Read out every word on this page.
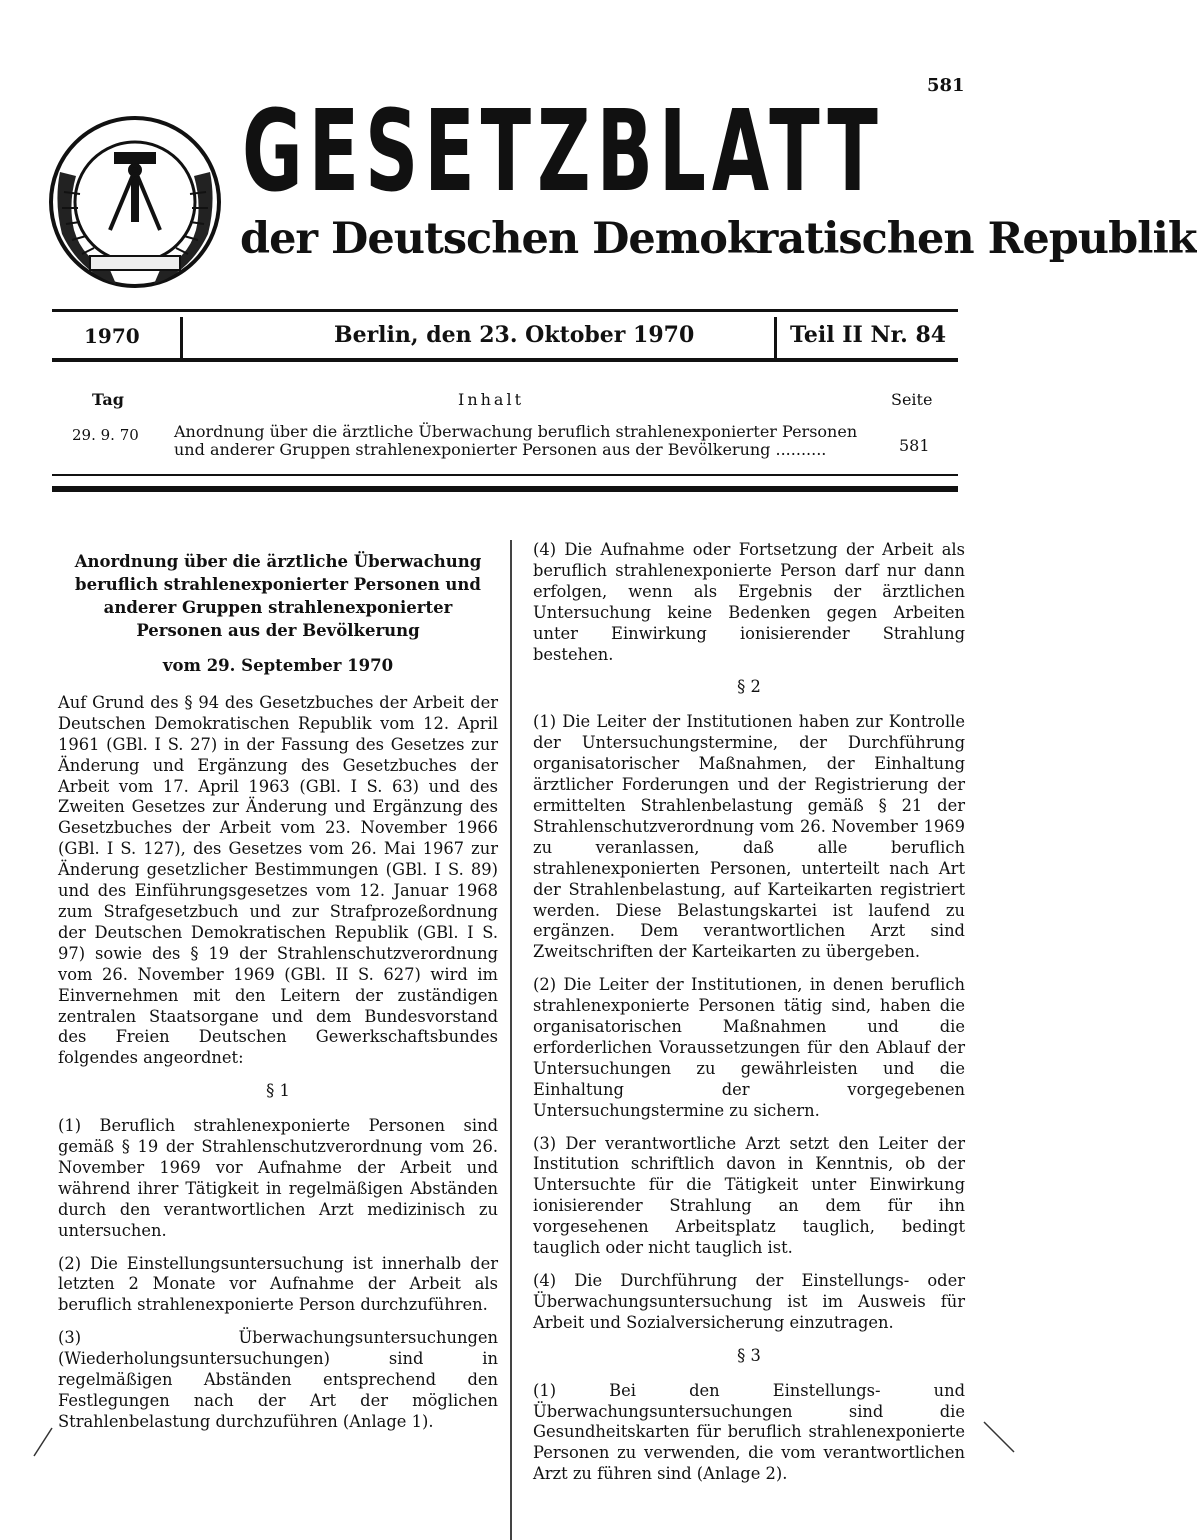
581
GESETZBLATT
der Deutschen Demokratischen Republik
1970	Berlin, den 23. Oktober 1970	Teil II Nr. 84
Tag	Inhalt	Seite
29. 9. 70 Anordnung über die ärztliche Überwachung beruflich strahlenexponierter Personen
und anderer Gruppen strahlenexponierter Personen aus der Bevölkerung ..........	581
Anordnung über die ärztliche Überwachung beruflich strahlenexponierter Personen und anderer Gruppen strahlenexponierter Personen aus der Bevölkerung
vom 29. September 1970

Auf Grund des § 94 des Gesetzbuches der Arbeit der Deutschen Demokratischen Republik vom 12. April 1961 (GBl. I S. 27) in der Fassung des Gesetzes zur Änderung und Ergänzung des Gesetzbuches der Arbeit vom 17. April 1963 (GBl. I S. 63) und des Zweiten Gesetzes zur Änderung und Ergänzung des Gesetzbuches der Arbeit vom 23. November 1966 (GBl. I S. 127), des Gesetzes vom 26. Mai 1967 zur Änderung gesetzlicher Bestimmungen (GBl. I S. 89) und des Einführungsgesetzes vom 12. Januar 1968 zum Strafgesetzbuch und zur Strafprozeßordnung der Deutschen Demokratischen Republik (GBl. I S. 97) sowie des § 19 der Strahlenschutzverordnung vom 26. November 1969 (GBl. II S. 627) wird im Einvernehmen mit den Leitern der zuständigen zentralen Staatsorgane und dem Bundesvorstand des Freien Deutschen Gewerkschaftsbundes folgendes angeordnet:

§ 1

(1) Beruflich strahlenexponierte Personen sind gemäß § 19 der Strahlenschutzverordnung vom 26. November 1969 vor Aufnahme der Arbeit und während ihrer Tätigkeit in regelmäßigen Abständen durch den verantwortlichen Arzt medizinisch zu untersuchen.

(2) Die Einstellungsuntersuchung ist innerhalb der letzten 2 Monate vor Aufnahme der Arbeit als beruflich strahlenexponierte Person durchzuführen.

(3) Überwachungsuntersuchungen (Wiederholungsuntersuchungen) sind in regelmäßigen Abständen entsprechend den Festlegungen nach der Art der möglichen Strahlenbelastung durchzuführen (Anlage 1).

(4) Die Aufnahme oder Fortsetzung der Arbeit als beruflich strahlenexponierte Person darf nur dann erfolgen, wenn als Ergebnis der ärztlichen Untersuchung keine Bedenken gegen Arbeiten unter Einwirkung ionisierender Strahlung bestehen.

§ 2

(1) Die Leiter der Institutionen haben zur Kontrolle der Untersuchungstermine, der Durchführung organisatorischer Maßnahmen, der Einhaltung ärztlicher Forderungen und der Registrierung der ermittelten Strahlenbelastung gemäß § 21 der Strahlenschutzverordnung vom 26. November 1969 zu veranlassen, daß alle beruflich strahlenexponierten Personen, unterteilt nach Art der Strahlenbelastung, auf Karteikarten registriert werden. Diese Belastungskartei ist laufend zu ergänzen. Dem verantwortlichen Arzt sind Zweitschriften der Karteikarten zu übergeben.

(2) Die Leiter der Institutionen, in denen beruflich strahlenexponierte Personen tätig sind, haben die organisatorischen Maßnahmen und die erforderlichen Voraussetzungen für den Ablauf der Untersuchungen zu gewährleisten und die Einhaltung der vorgegebenen Untersuchungstermine zu sichern.

(3) Der verantwortliche Arzt setzt den Leiter der Institution schriftlich davon in Kenntnis, ob der Untersuchte für die Tätigkeit unter Einwirkung ionisierender Strahlung an dem für ihn vorgesehenen Arbeitsplatz tauglich, bedingt tauglich oder nicht tauglich ist.

(4) Die Durchführung der Einstellungs- oder Überwachungsuntersuchung ist im Ausweis für Arbeit und Sozialversicherung einzutragen.

§ 3

(1) Bei den Einstellungs- und Überwachungsuntersuchungen sind die Gesundheitskarten für beruflich strahlenexponierte Personen zu verwenden, die vom verantwortlichen Arzt zu führen sind (Anlage 2).
